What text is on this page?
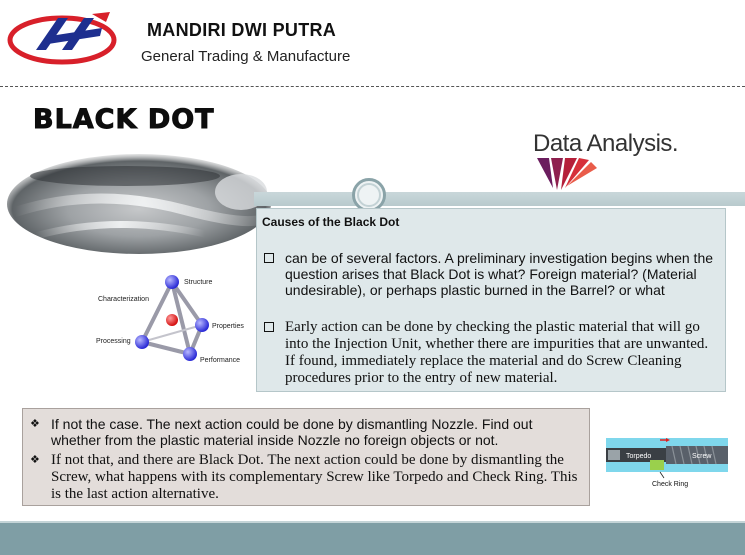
MANDIRI DWI PUTRA
General Trading & Manufacture
BLACK DOT
Data Analysis.
Causes of the Black Dot
can be of several factors. A preliminary investigation begins when the question arises that Black Dot is what? Foreign material? (Material undesirable), or perhaps plastic burned in the Barrel? or what
Early action can be done by checking the plastic material that will go into the Injection Unit, whether there are impurities that are unwanted. If found, immediately replace the material and do Screw Cleaning procedures prior to the entry of new material.
Structure
Characterization
Properties
Processing
Performance
❖ If not the case. The next action could be done by dismantling Nozzle. Find out whether from the plastic material inside Nozzle no foreign objects or not.
❖ If not that, and there are Black Dot. The next action could be done by dismantling the Screw, what happens with its complementary Screw like Torpedo and Check Ring. This is the last action alternative.
Torpedo	Screw
Check Ring
